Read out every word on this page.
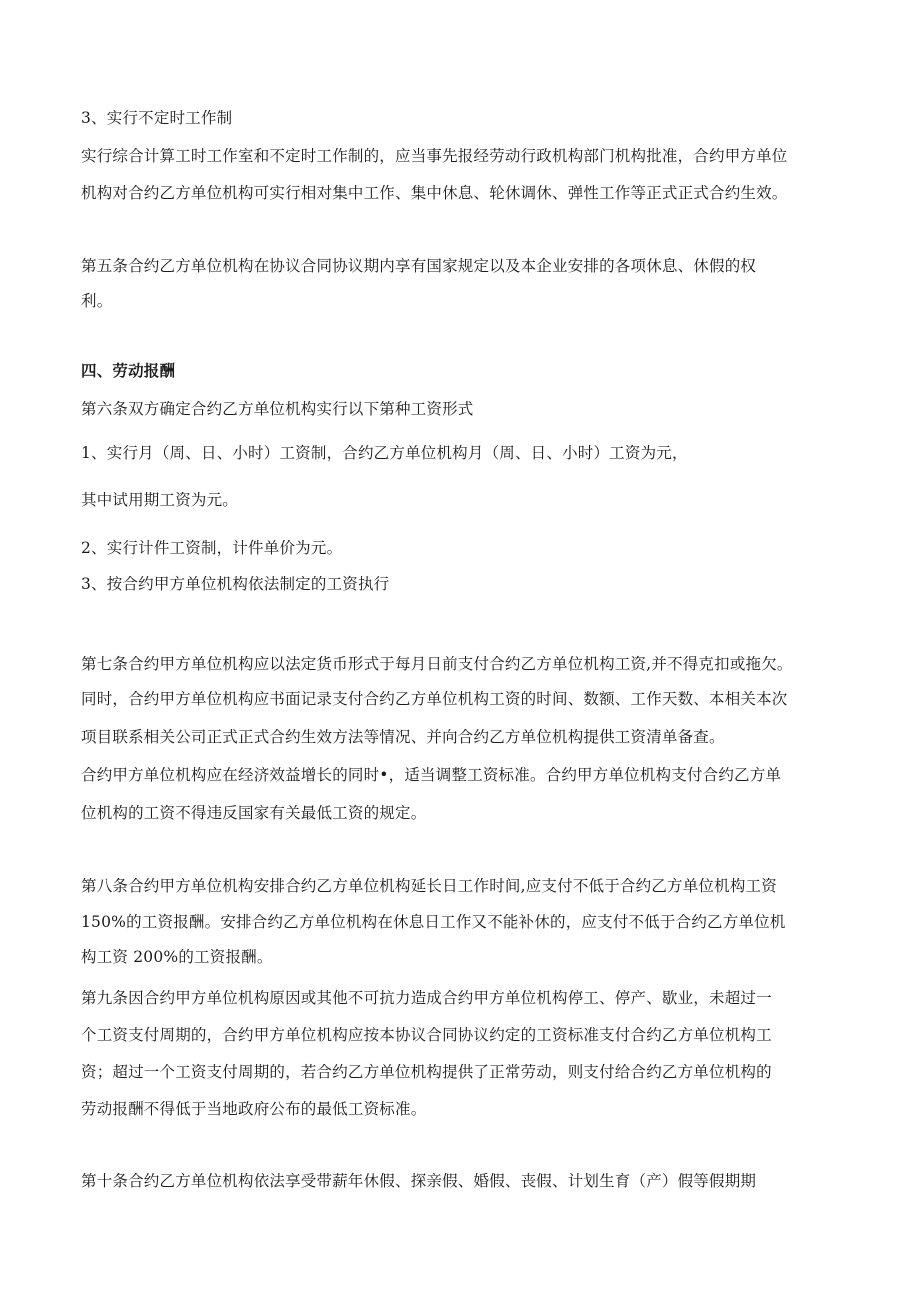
3、实行不定时工作制
实行综合计算工时工作室和不定时工作制的，应当事先报经劳动行政机构部门机构批准，合约甲方单位
机构对合约乙方单位机构可实行相对集中工作、集中休息、轮休调休、弹性工作等正式正式合约生效。
第五条合约乙方单位机构在协议合同协议期内享有国家规定以及本企业安排的各项休息、休假的权
利。
四、劳动报酬
第六条双方确定合约乙方单位机构实行以下第种工资形式
1、实行月（周、日、小时）工资制，合约乙方单位机构月（周、日、小时）工资为元，
其中试用期工资为元。
2、实行计件工资制，计件单价为元。
3、按合约甲方单位机构依法制定的工资执行
第七条合约甲方单位机构应以法定货币形式于每月日前支付合约乙方单位机构工资,并不得克扣或拖欠。
同时，合约甲方单位机构应书面记录支付合约乙方单位机构工资的时间、数额、工作天数、本相关本次
项目联系相关公司正式正式合约生效方法等情况、并向合约乙方单位机构提供工资清单备查。
合约甲方单位机构应在经济效益增长的同时•，适当调整工资标准。合约甲方单位机构支付合约乙方单
位机构的工资不得违反国家有关最低工资的规定。
第八条合约甲方单位机构安排合约乙方单位机构延长日工作时间,应支付不低于合约乙方单位机构工资
150%的工资报酬。安排合约乙方单位机构在休息日工作又不能补休的，应支付不低于合约乙方单位机
构工资 200%的工资报酬。
第九条因合约甲方单位机构原因或其他不可抗力造成合约甲方单位机构停工、停产、歇业，未超过一
个工资支付周期的，合约甲方单位机构应按本协议合同协议约定的工资标准支付合约乙方单位机构工
资；超过一个工资支付周期的，若合约乙方单位机构提供了正常劳动，则支付给合约乙方单位机构的
劳动报酬不得低于当地政府公布的最低工资标准。
第十条合约乙方单位机构依法享受带薪年休假、探亲假、婚假、丧假、计划生育（产）假等假期期
